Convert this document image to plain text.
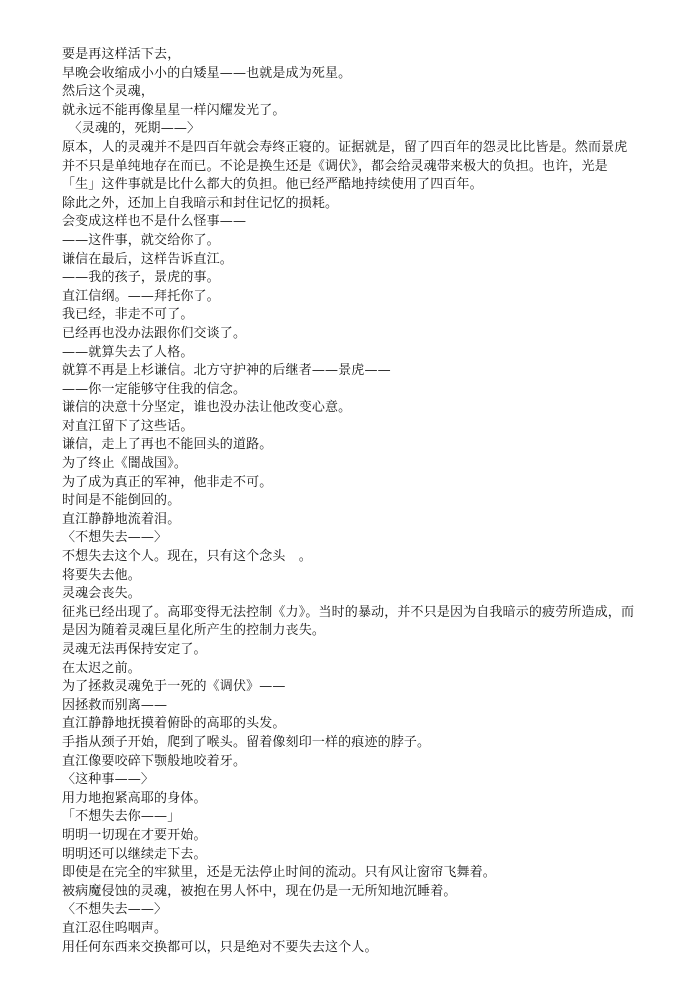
要是再这样活下去，

早晚会收缩成小小的白矮星——也就是成为死星。

然后这个灵魂，

就永远不能再像星星一样闪耀发光了。

　〈灵魂的，死期——〉

原本，人的灵魂并不是四百年就会寿终正寝的。证据就是，留了四百年的怨灵比比皆是。然而景虎并不只是单纯地存在而已。不论是换生还是《调伏》，都会给灵魂带来极大的负担。也许，光是「生」这件事就是比什么都大的负担。他已经严酷地持续使用了四百年。

除此之外，还加上自我暗示和封住记忆的损耗。

会变成这样也不是什么怪事——

——这件事，就交给你了。

谦信在最后，这样告诉直江。

——我的孩子，景虎的事。

直江信纲。——拜托你了。

我已经，非走不可了。

已经再也没办法跟你们交谈了。

——就算失去了人格。

就算不再是上杉谦信。北方守护神的后继者——景虎——

——你一定能够守住我的信念。

谦信的决意十分坚定，谁也没办法让他改变心意。

对直江留下了这些话。

谦信，走上了再也不能回头的道路。

为了终止《闇战国》。

为了成为真正的军神，他非走不可。

时间是不能倒回的。

直江静静地流着泪。

〈不想失去——〉

不想失去这个人。现在，只有这个念头　。

将要失去他。

灵魂会丧失。

征兆已经出现了。高耶变得无法控制《力》。当时的暴动，并不只是因为自我暗示的疲劳所造成，而是因为随着灵魂巨星化所产生的控制力丧失。

灵魂无法再保持安定了。

在太迟之前。

为了拯救灵魂免于一死的《调伏》——

因拯救而别离——

直江静静地抚摸着俯卧的高耶的头发。

手指从颈子开始，爬到了喉头。留着像刻印一样的痕迹的脖子。

直江像要咬碎下颚般地咬着牙。

〈这种事——〉

用力地抱紧高耶的身体。

「不想失去你——」

明明一切现在才要开始。

明明还可以继续走下去。

即使是在完全的牢狱里，还是无法停止时间的流动。只有风让窗帘飞舞着。

被病魔侵蚀的灵魂，被抱在男人怀中，现在仍是一无所知地沉睡着。

〈不想失去——〉

直江忍住呜咽声。

用任何东西来交换都可以，只是绝对不要失去这个人。
